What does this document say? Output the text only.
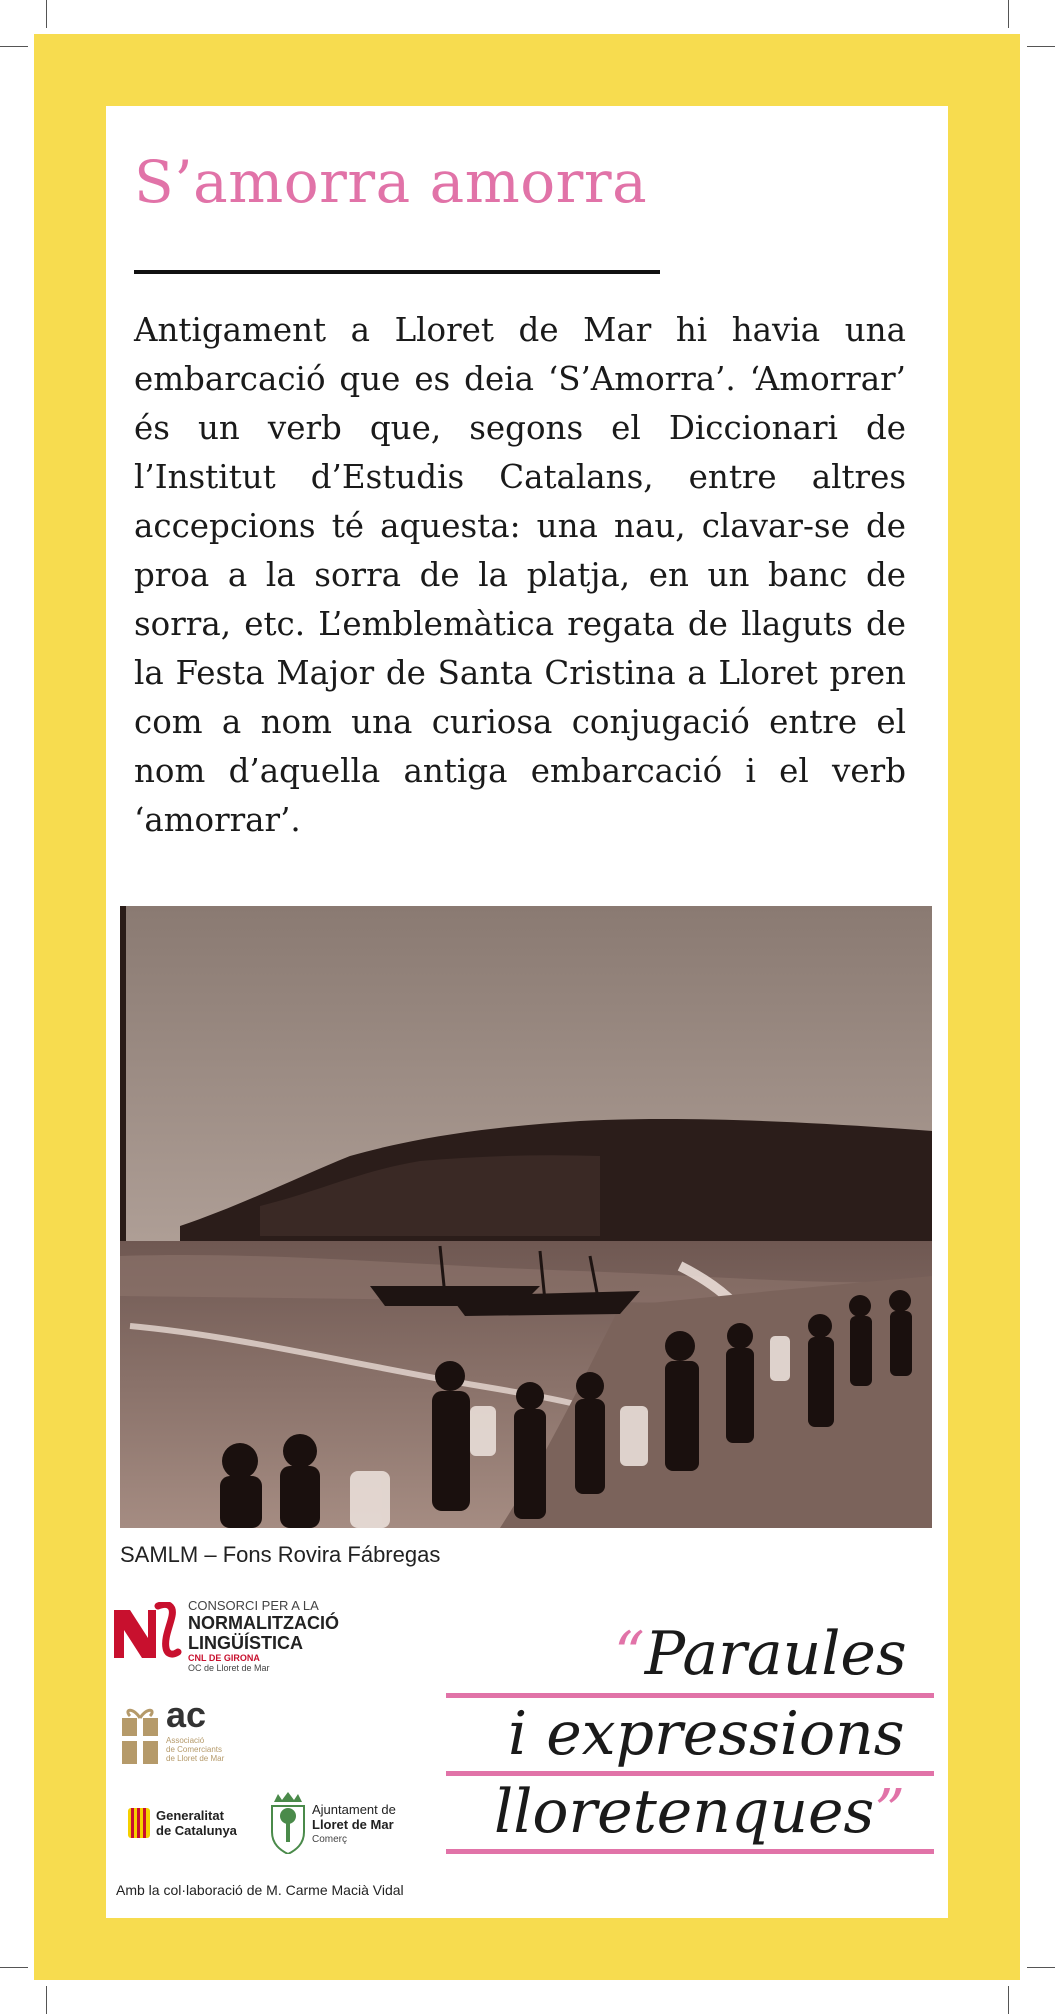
S’amorra amorra

Antigament a Lloret de Mar hi havia una embarcació que es deia ‘S’Amorra’. ‘Amorrar’ és un verb que, segons el Diccionari de l’Institut d’Estudis Catalans, entre altres accepcions té aquesta: una nau, clavar-se de proa a la sorra de la platja, en un banc de sorra, etc. L’emblemàtica regata de llaguts de la Festa Major de Santa Cristina a Lloret pren com a nom una curiosa conjugació entre el nom d’aquella antiga embarcació i el verb ‘amorrar’.

SAMLM – Fons Rovira Fábregas
CONSORCI PER A LA
NORMALITZACIÓ
LINGÜÍSTICA
CNL DE GIRONA
OC de Lloret de Mar
ac
Associació
de Comerciants
de Lloret de Mar
Generalitat
de Catalunya
Ajuntament de
Lloret de Mar
Comerç
“Paraules
i expressions
lloretenques”
Amb la col·laboració de M. Carme Macià Vidal
